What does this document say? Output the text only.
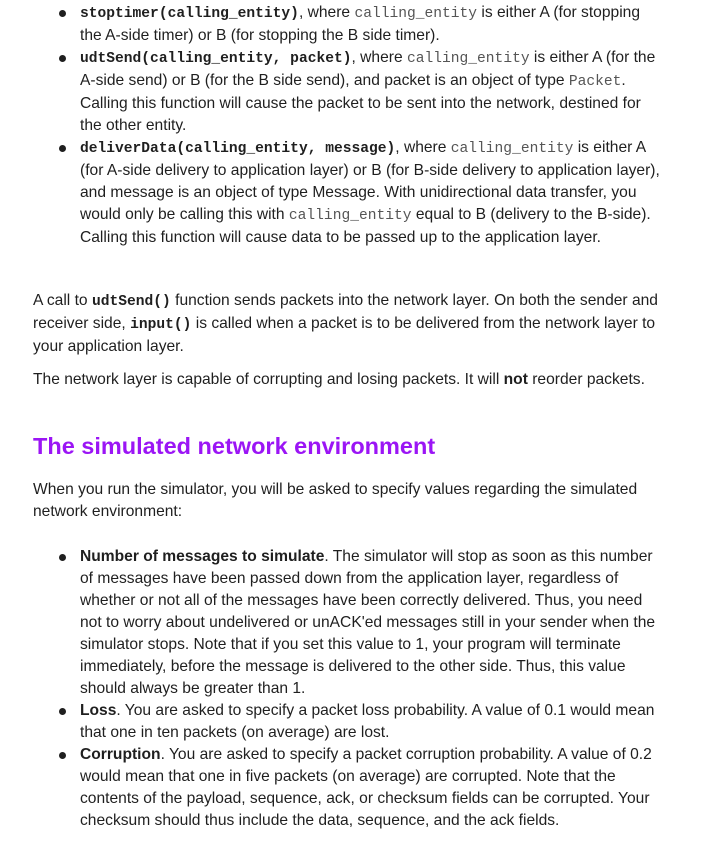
stoptimer(calling_entity), where calling_entity is either A (for stopping the A-side timer) or B (for stopping the B side timer).
udtSend(calling_entity, packet), where calling_entity is either A (for the A-side send) or B (for the B side send), and packet is an object of type Packet. Calling this function will cause the packet to be sent into the network, destined for the other entity.
deliverData(calling_entity, message), where calling_entity is either A (for A-side delivery to application layer) or B (for B-side delivery to application layer), and message is an object of type Message. With unidirectional data transfer, you would only be calling this with calling_entity equal to B (delivery to the B-side). Calling this function will cause data to be passed up to the application layer.

A call to udtSend() function sends packets into the network layer. On both the sender and receiver side, input() is called when a packet is to be delivered from the network layer to your application layer.

The network layer is capable of corrupting and losing packets. It will not reorder packets.

The simulated network environment

When you run the simulator, you will be asked to specify values regarding the simulated network environment:

Number of messages to simulate. The simulator will stop as soon as this number of messages have been passed down from the application layer, regardless of whether or not all of the messages have been correctly delivered. Thus, you need not to worry about undelivered or unACK'ed messages still in your sender when the simulator stops. Note that if you set this value to 1, your program will terminate immediately, before the message is delivered to the other side. Thus, this value should always be greater than 1.
Loss. You are asked to specify a packet loss probability. A value of 0.1 would mean that one in ten packets (on average) are lost.
Corruption. You are asked to specify a packet corruption probability. A value of 0.2 would mean that one in five packets (on average) are corrupted. Note that the contents of the payload, sequence, ack, or checksum fields can be corrupted. Your checksum should thus include the data, sequence, and the ack fields.
